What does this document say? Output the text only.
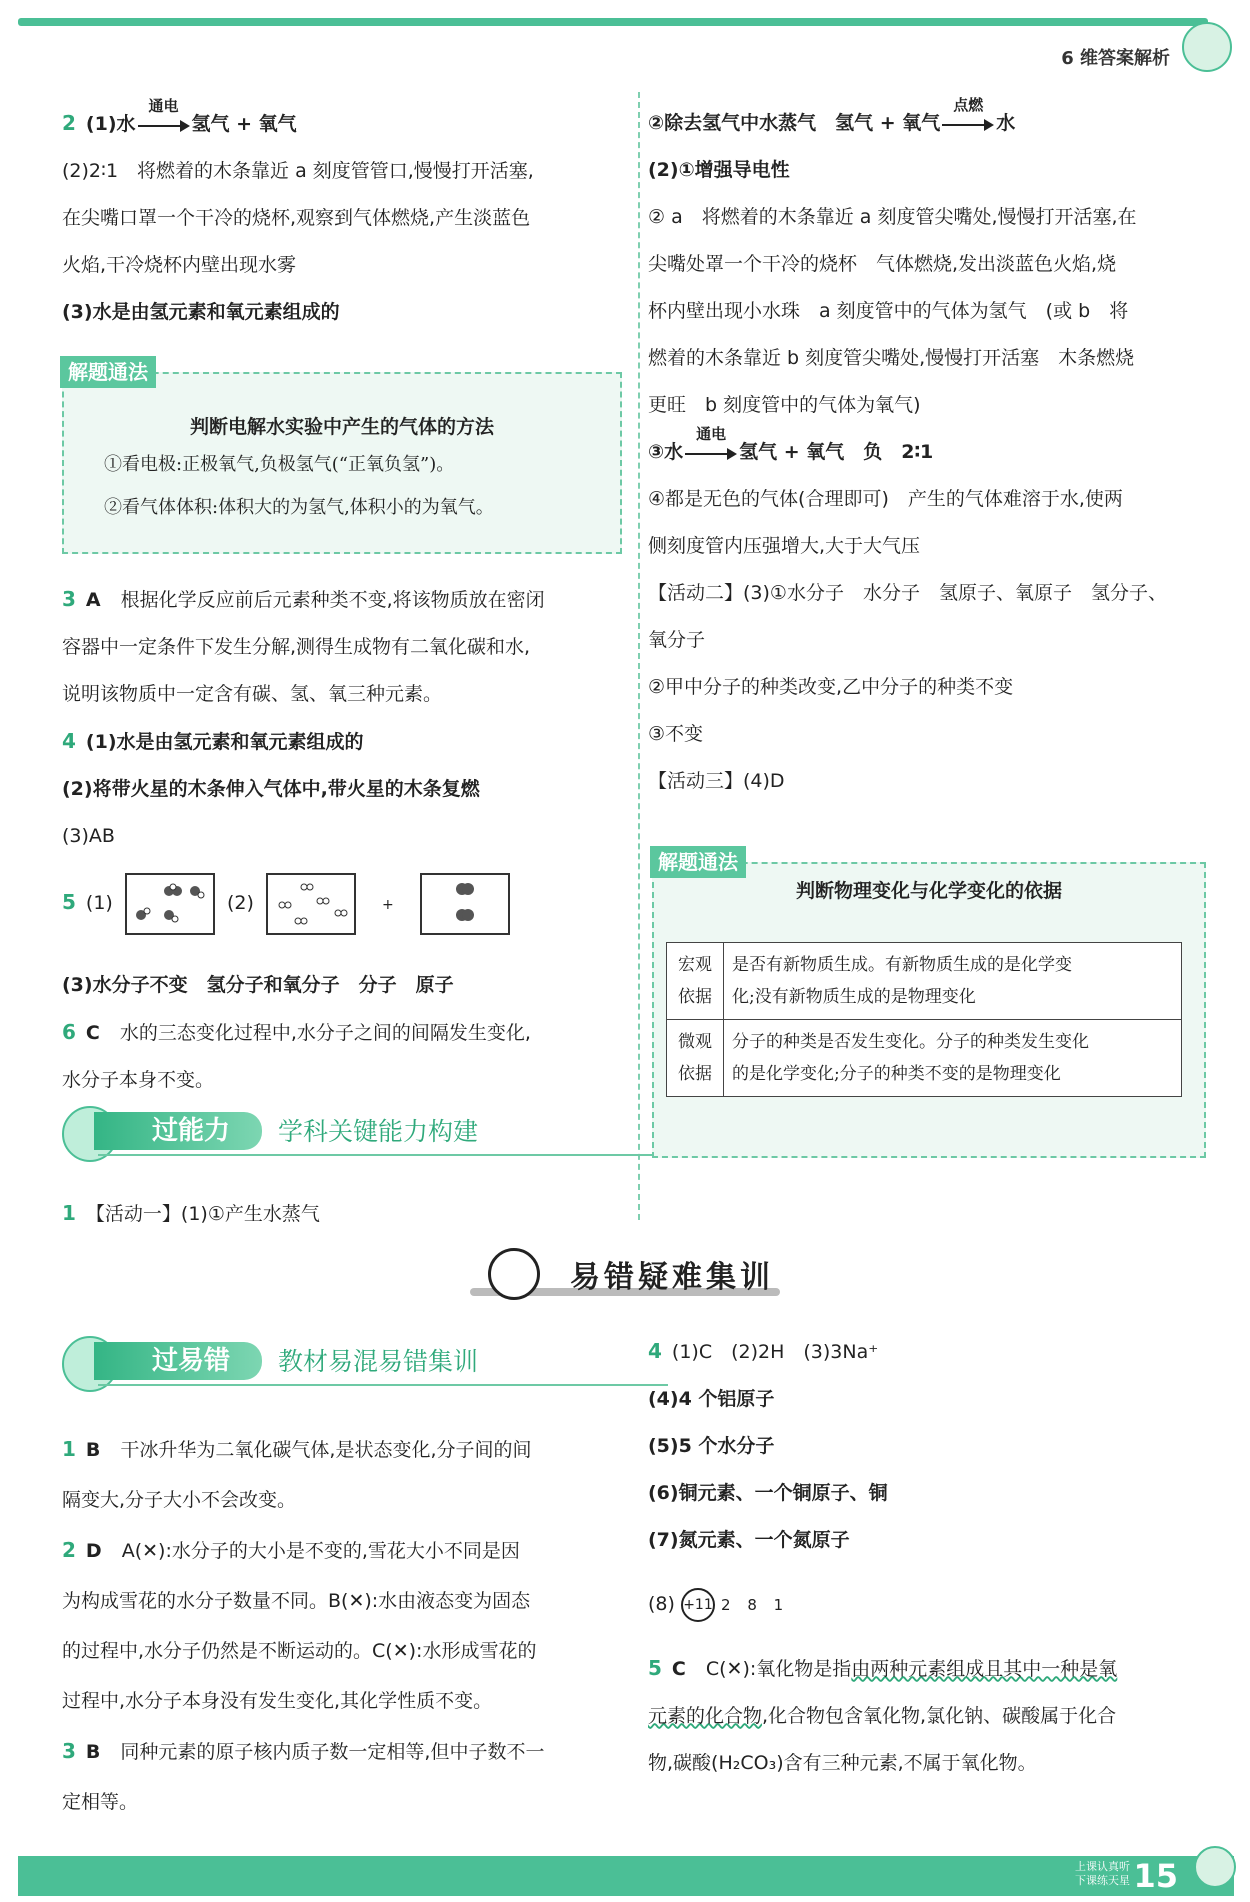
6 维答案解析

2 (1)水
通电
氢气 + 氧气

(2)2∶1　将燃着的木条靠近 a 刻度管管口,慢慢打开活塞,

在尖嘴口罩一个干冷的烧杯,观察到气体燃烧,产生淡蓝色

火焰,干冷烧杯内壁出现水雾

(3)水是由氢元素和氧元素组成的

解题通法
判断电解水实验中产生的气体的方法
①看电极:正极氧气,负极氢气(“正氧负氢”)。
②看气体体积:体积大的为氢气,体积小的为氧气。

3 A 根据化学反应前后元素种类不变,将该物质放在密闭

容器中一定条件下发生分解,测得生成物有二氧化碳和水,

说明该物质中一定含有碳、氢、氧三种元素。

4 (1)水是由氢元素和氧元素组成的

(2)将带火星的木条伸入气体中,带火星的木条复燃

(3)AB

5 (1)	(2)	+

(3)水分子不变　氢分子和氧分子　分子　原子

6 C 水的三态变化过程中,水分子之间的间隔发生变化,

水分子本身不变。

过能力	学科关键能力构建

1 【活动一】(1)①产生水蒸气

②除去氢气中水蒸气　氢气 + 氧气
点燃
水

(2)①增强导电性

② a　将燃着的木条靠近 a 刻度管尖嘴处,慢慢打开活塞,在

尖嘴处罩一个干冷的烧杯　气体燃烧,发出淡蓝色火焰,烧

杯内壁出现小水珠　a 刻度管中的气体为氢气　(或 b　将

燃着的木条靠近 b 刻度管尖嘴处,慢慢打开活塞　木条燃烧

更旺　b 刻度管中的气体为氧气)

③水
通电
氢气 + 氧气　负　2∶1

④都是无色的气体(合理即可)　产生的气体难溶于水,使两

侧刻度管内压强增大,大于大气压

【活动二】(3)①水分子　水分子　氢原子、氧原子　氢分子、

氧分子

②甲中分子的种类改变,乙中分子的种类不变

③不变

【活动三】(4)D

解题通法
判断物理变化与化学变化的依据
宏观
依据	是否有新物质生成。有新物质生成的是化学变
化;没有新物质生成的是物理变化
微观
依据	分子的种类是否发生变化。分子的种类发生变化
的是化学变化;分子的种类不变的是物理变化
易错疑难集训
过易错	教材易混易错集训

1 B 干冰升华为二氧化碳气体,是状态变化,分子间的间

隔变大,分子大小不会改变。

2 D A(✕):水分子的大小是不变的,雪花大小不同是因

为构成雪花的水分子数量不同。B(✕):水由液态变为固态

的过程中,水分子仍然是不断运动的。C(✕):水形成雪花的

过程中,水分子本身没有发生变化,其化学性质不变。

3 B 同种元素的原子核内质子数一定相等,但中子数不一

定相等。

4 (1)C　(2)2H　(3)3Na⁺

(4)4 个铝原子

(5)5 个水分子

(6)铜元素、一个铜原子、铜

(7)氮元素、一个氮原子

(8) +11 2 8 1

5 C C(✕):氧化物是指由两种元素组成且其中一种是氧

元素的化合物,化合物包含氧化物,氯化钠、碳酸属于化合

物,碳酸(H₂CO₃)含有三种元素,不属于氧化物。

上课认真听
下课练天星 15
